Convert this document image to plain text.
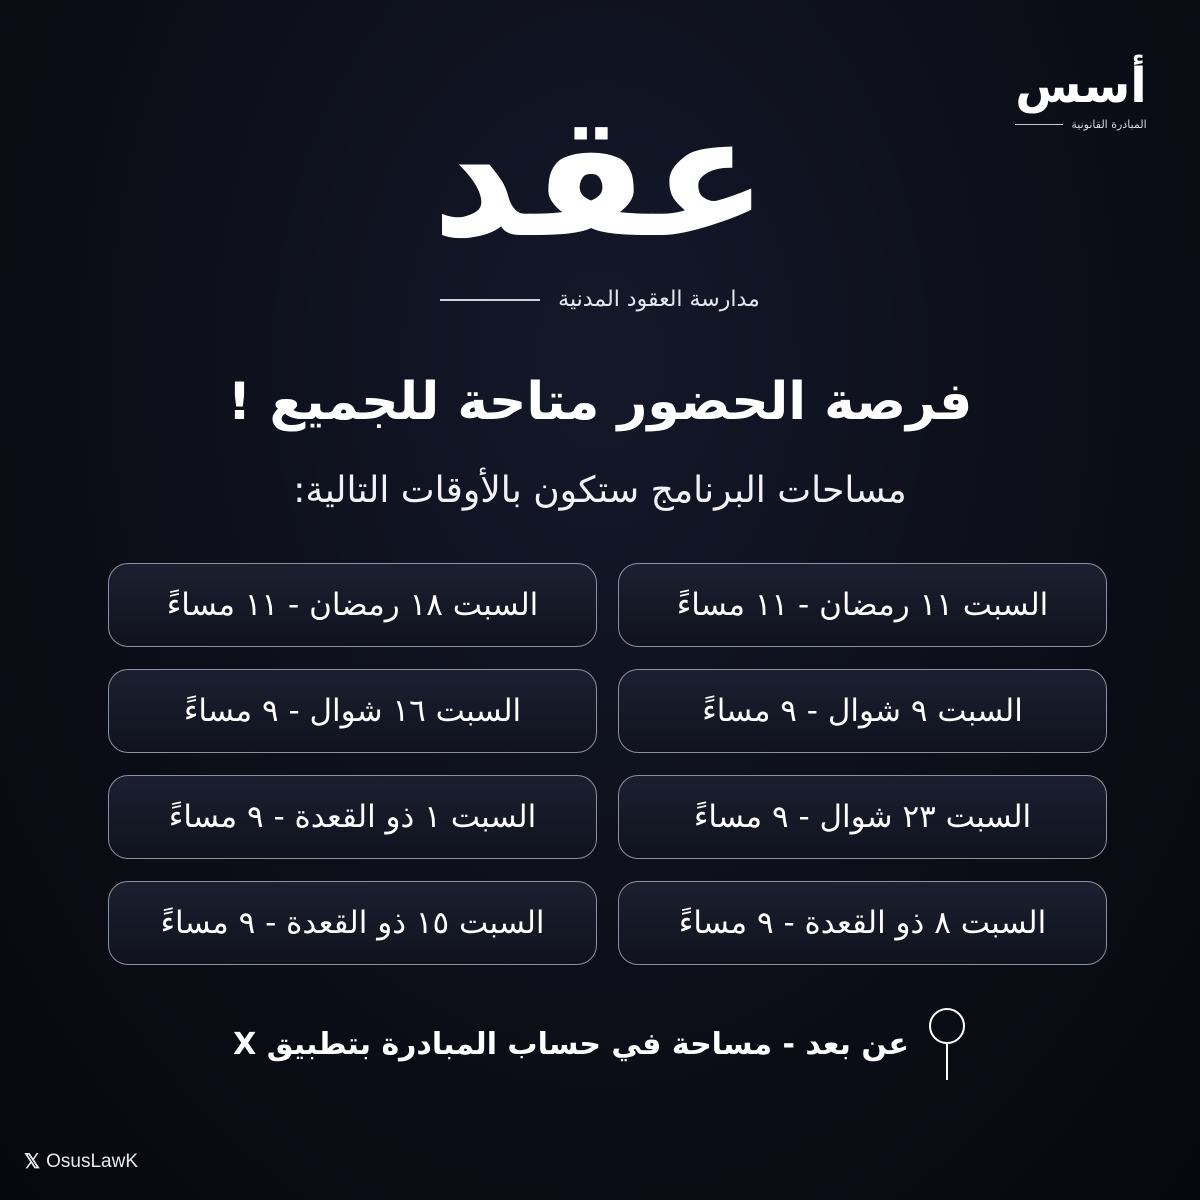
أسس
المبادرة القانونية
عقد
مدارسة العقود المدنية
فرصة الحضور متاحة للجميع !
مساحات البرنامج ستكون بالأوقات التالية:
السبت ١١ رمضان - ١١ مساءً
السبت ١٨ رمضان - ١١ مساءً
السبت ٩ شوال - ٩ مساءً
السبت ١٦ شوال - ٩ مساءً
السبت ٢٣ شوال - ٩ مساءً
السبت ١ ذو القعدة - ٩ مساءً
السبت ٨ ذو القعدة - ٩ مساءً
السبت ١٥ ذو القعدة - ٩ مساءً
عن بعد - مساحة في حساب المبادرة بتطبيق X
𝕏 OsusLawK
